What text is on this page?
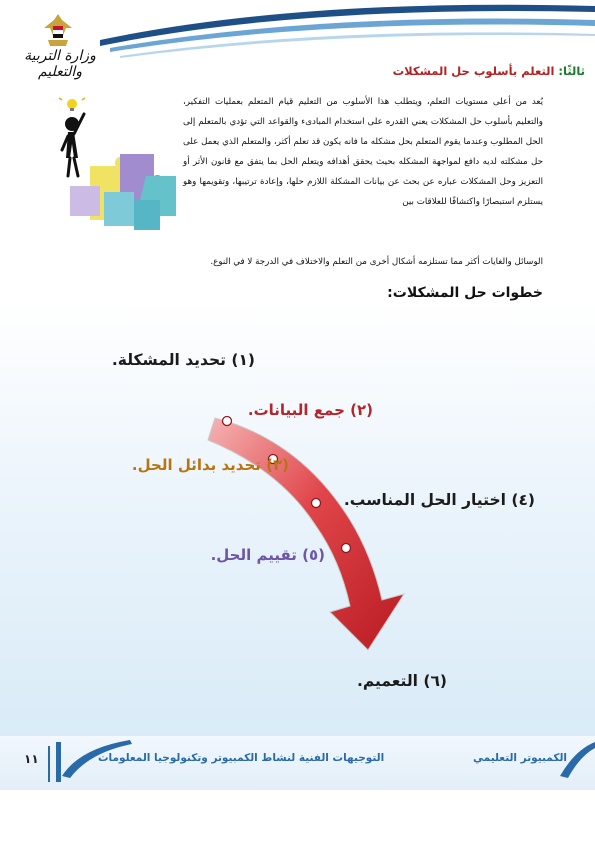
وزارة التربية والتعليم	ثالثًا: التعلم بأسلوب حل المشكلات
يُعد من أعلى مستويات التعلم، ويتطلب هذا الأسلوب من التعليم قيام المتعلم بعمليات التفكير، والتعليم بأسلوب حل المشكلات يعني القدره على استخدام المبادىء والقواعد التي تؤدي بالمتعلم إلى الحل المطلوب وعندما يقوم المتعلم بحل مشكله ما فانه يكون قد تعلم أكثر، والمتعلم الذي يعمل على حل مشكلته لديه دافع لمواجهة المشكله بحيث يحقق أهدافه ويتعلم الحل بما يتفق مع قانون الأثر أو التعزيز وحل المشكلات عباره عن بحث عن بيانات المشكلة اللازم حلها، وإعادة ترتيبها، وتقويمها وهو يستلزم استبصارًا واكتشافًا للعلاقات بين
الوسائل والغايات أكثر مما تستلزمه أشكال أخرى من التعلم والاختلاف في الدرجة لا في النوع.
خطوات حل المشكلات:
(١) تحديد المشكلة.
(٢) جمع البيانات.
(٣) تحديد بدائل الحل.
(٤) اختيار الحل المناسب.
(٥) تقييم الحل.
(٦) التعميم.
١١	التوجيهات الفنية لنشاط الكمبيوتر وتكنولوجيا المعلومات	الكمبيوتر التعليمي
